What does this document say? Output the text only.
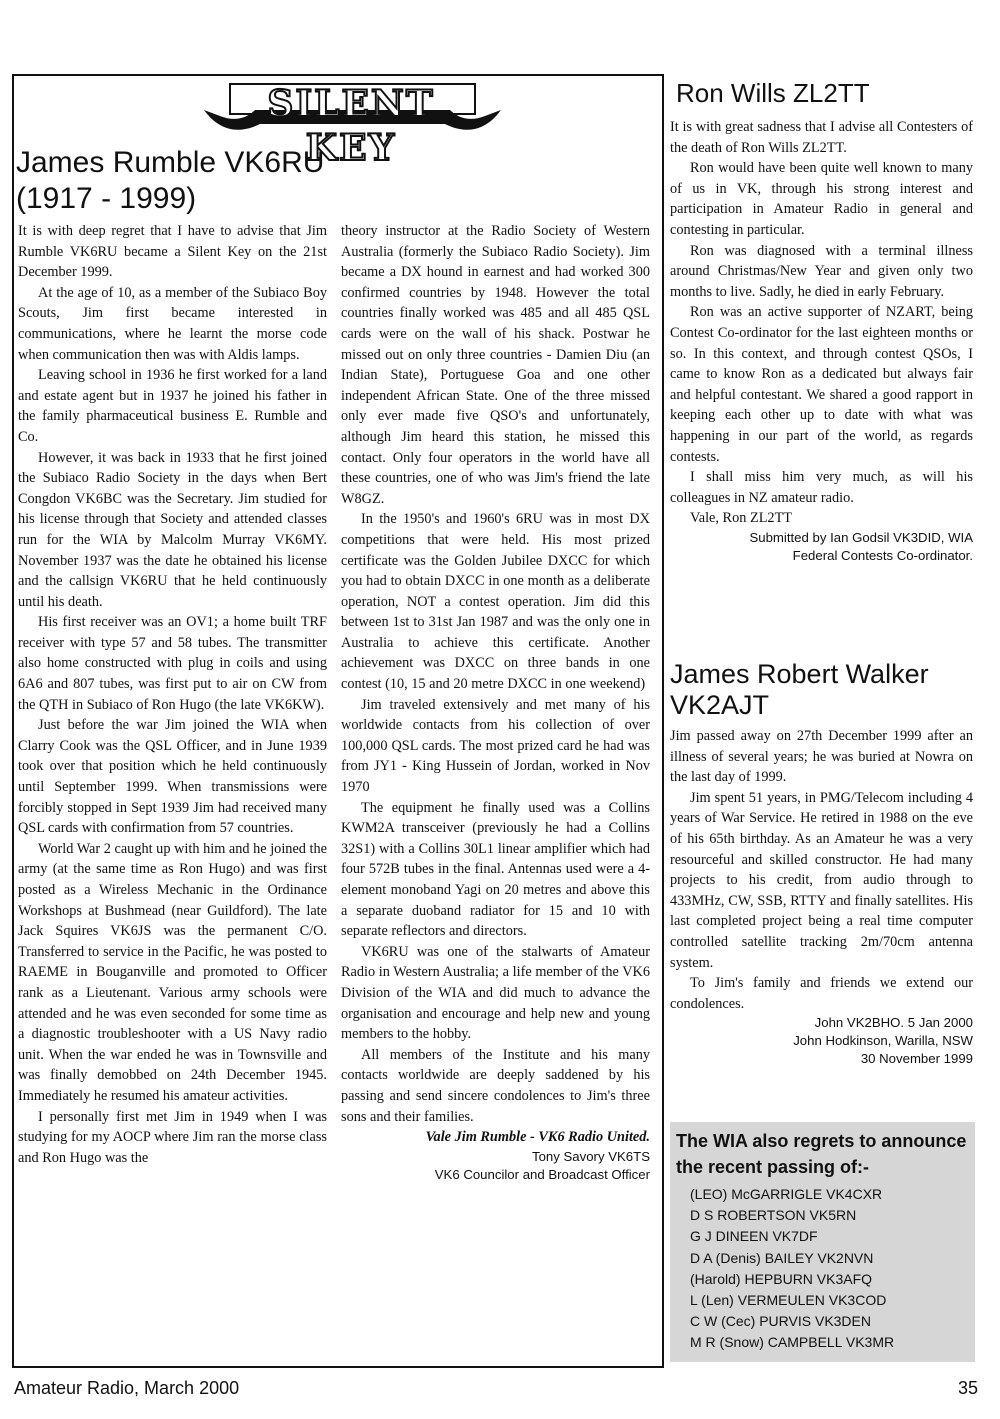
SILENT KEY
James Rumble VK6RU
(1917 - 1999)

It is with deep regret that I have to advise that Jim Rumble VK6RU became a Silent Key on the 21st December 1999.

At the age of 10, as a member of the Subiaco Boy Scouts, Jim first became interested in communications, where he learnt the morse code when communication then was with Aldis lamps.

Leaving school in 1936 he first worked for a land and estate agent but in 1937 he joined his father in the family pharmaceutical business E. Rumble and Co.

However, it was back in 1933 that he first joined the Subiaco Radio Society in the days when Bert Congdon VK6BC was the Secretary. Jim studied for his license through that Society and attended classes run for the WIA by Malcolm Murray VK6MY. November 1937 was the date he obtained his license and the callsign VK6RU that he held continuously until his death.

His first receiver was an OV1; a home built TRF receiver with type 57 and 58 tubes. The transmitter also home constructed with plug in coils and using 6A6 and 807 tubes, was first put to air on CW from the QTH in Subiaco of Ron Hugo (the late VK6KW).

Just before the war Jim joined the WIA when Clarry Cook was the QSL Officer, and in June 1939 took over that position which he held continuously until September 1999. When transmissions were forcibly stopped in Sept 1939 Jim had received many QSL cards with confirmation from 57 countries.

World War 2 caught up with him and he joined the army (at the same time as Ron Hugo) and was first posted as a Wireless Mechanic in the Ordinance Workshops at Bushmead (near Guildford). The late Jack Squires VK6JS was the permanent C/O. Transferred to service in the Pacific, he was posted to RAEME in Bouganville and promoted to Officer rank as a Lieutenant. Various army schools were attended and he was even seconded for some time as a diagnostic troubleshooter with a US Navy radio unit. When the war ended he was in Townsville and was finally demobbed on 24th December 1945. Immediately he resumed his amateur activities.

I personally first met Jim in 1949 when I was studying for my AOCP where Jim ran the morse class and Ron Hugo was the

theory instructor at the Radio Society of Western Australia (formerly the Subiaco Radio Society). Jim became a DX hound in earnest and had worked 300 confirmed countries by 1948. However the total countries finally worked was 485 and all 485 QSL cards were on the wall of his shack. Postwar he missed out on only three countries - Damien Diu (an Indian State), Portuguese Goa and one other independent African State. One of the three missed only ever made five QSO's and unfortunately, although Jim heard this station, he missed this contact. Only four operators in the world have all these countries, one of who was Jim's friend the late W8GZ.

In the 1950's and 1960's 6RU was in most DX competitions that were held. His most prized certificate was the Golden Jubilee DXCC for which you had to obtain DXCC in one month as a deliberate operation, NOT a contest operation. Jim did this between 1st to 31st Jan 1987 and was the only one in Australia to achieve this certificate. Another achievement was DXCC on three bands in one contest (10, 15 and 20 metre DXCC in one weekend)

Jim traveled extensively and met many of his worldwide contacts from his collection of over 100,000 QSL cards. The most prized card he had was from JY1 - King Hussein of Jordan, worked in Nov 1970

The equipment he finally used was a Collins KWM2A transceiver (previously he had a Collins 32S1) with a Collins 30L1 linear amplifier which had four 572B tubes in the final. Antennas used were a 4-element monoband Yagi on 20 metres and above this a separate duoband radiator for 15 and 10 with separate reflectors and directors.

VK6RU was one of the stalwarts of Amateur Radio in Western Australia; a life member of the VK6 Division of the WIA and did much to advance the organisation and encourage and help new and young members to the hobby.

All members of the Institute and his many contacts worldwide are deeply saddened by his passing and send sincere condolences to Jim's three sons and their families.

Vale Jim Rumble - VK6 Radio United.

Tony Savory VK6TS

VK6 Councilor and Broadcast Officer

Ron Wills ZL2TT

It is with great sadness that I advise all Contesters of the death of Ron Wills ZL2TT.

Ron would have been quite well known to many of us in VK, through his strong interest and participation in Amateur Radio in general and contesting in particular.

Ron was diagnosed with a terminal illness around Christmas/New Year and given only two months to live. Sadly, he died in early February.

Ron was an active supporter of NZART, being Contest Co-ordinator for the last eighteen months or so. In this context, and through contest QSOs, I came to know Ron as a dedicated but always fair and helpful contestant. We shared a good rapport in keeping each other up to date with what was happening in our part of the world, as regards contests.

I shall miss him very much, as will his colleagues in NZ amateur radio.

Vale, Ron ZL2TT

Submitted by Ian Godsil VK3DID, WIA

Federal Contests Co-ordinator.

James Robert Walker
VK2AJT

Jim passed away on 27th December 1999 after an illness of several years; he was buried at Nowra on the last day of 1999.

Jim spent 51 years, in PMG/Telecom including 4 years of War Service. He retired in 1988 on the eve of his 65th birthday. As an Amateur he was a very resourceful and skilled constructor. He had many projects to his credit, from audio through to 433MHz, CW, SSB, RTTY and finally satellites. His last completed project being a real time computer controlled satellite tracking 2m/70cm antenna system.

To Jim's family and friends we extend our condolences.

John VK2BHO. 5 Jan 2000

John Hodkinson, Warilla, NSW

30 November 1999

The WIA also regrets to announce the recent passing of:-
(LEO) McGARRIGLE VK4CXR
D S ROBERTSON VK5RN
G J DINEEN VK7DF
D A (Denis) BAILEY VK2NVN
(Harold) HEPBURN VK3AFQ
L (Len) VERMEULEN VK3COD
C W (Cec) PURVIS VK3DEN
M R (Snow) CAMPBELL VK3MR
Amateur Radio, March 2000	35
